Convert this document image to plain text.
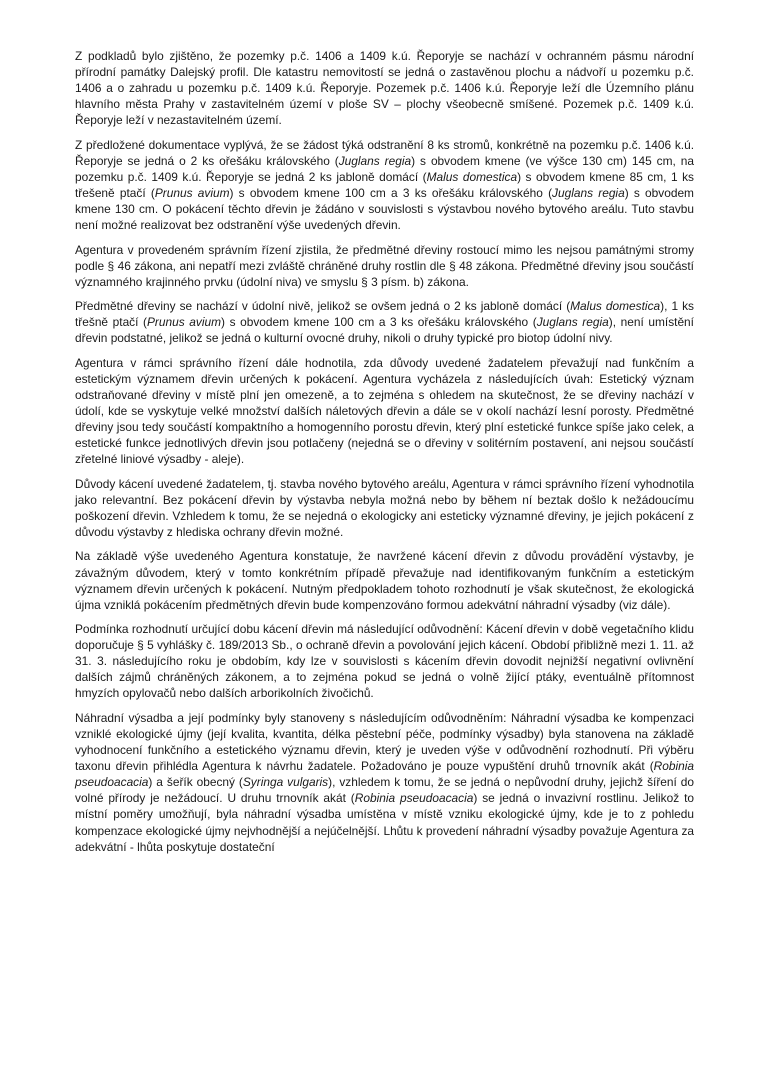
Z podkladů bylo zjištěno, že pozemky p.č. 1406 a 1409 k.ú. Řeporyje se nachází v ochranném pásmu národní přírodní památky Dalejský profil. Dle katastru nemovitostí se jedná o zastavěnou plochu a nádvoří u pozemku p.č. 1406 a o zahradu u pozemku p.č. 1409 k.ú. Řeporyje. Pozemek p.č. 1406 k.ú. Řeporyje leží dle Územního plánu hlavního města Prahy v zastavitelném území v ploše SV – plochy všeobecně smíšené. Pozemek p.č. 1409 k.ú. Řeporyje leží v nezastavitelném území.

Z předložené dokumentace vyplývá, že se žádost týká odstranění 8 ks stromů, konkrétně na pozemku p.č. 1406 k.ú. Řeporyje se jedná o 2 ks ořešáku královského (Juglans regia) s obvodem kmene (ve výšce 130 cm) 145 cm, na pozemku p.č. 1409 k.ú. Řeporyje se jedná 2 ks jabloně domácí (Malus domestica) s obvodem kmene 85 cm, 1 ks třešeně ptačí (Prunus avium) s obvodem kmene 100 cm a 3 ks ořešáku královského (Juglans regia) s obvodem kmene 130 cm. O pokácení těchto dřevin je žádáno v souvislosti s výstavbou nového bytového areálu. Tuto stavbu není možné realizovat bez odstranění výše uvedených dřevin.

Agentura v provedeném správním řízení zjistila, že předmětné dřeviny rostoucí mimo les nejsou památnými stromy podle § 46 zákona, ani nepatří mezi zvláště chráněné druhy rostlin dle § 48 zákona. Předmětné dřeviny jsou součástí významného krajinného prvku (údolní niva) ve smyslu § 3 písm. b) zákona.

Předmětné dřeviny se nachází v údolní nivě, jelikož se ovšem jedná o 2 ks jabloně domácí (Malus domestica), 1 ks třešně ptačí (Prunus avium) s obvodem kmene 100 cm a 3 ks ořešáku královského (Juglans regia), není umístění dřevin podstatné, jelikož se jedná o kulturní ovocné druhy, nikoli o druhy typické pro biotop údolní nivy.

Agentura v rámci správního řízení dále hodnotila, zda důvody uvedené žadatelem převažují nad funkčním a estetickým významem dřevin určených k pokácení. Agentura vycházela z následujících úvah: Estetický význam odstraňované dřeviny v místě plní jen omezeně, a to zejména s ohledem na skutečnost, že se dřeviny nachází v údolí, kde se vyskytuje velké množství dalších náletových dřevin a dále se v okolí nachází lesní porosty. Předmětné dřeviny jsou tedy součástí kompaktního a homogenního porostu dřevin, který plní estetické funkce spíše jako celek, a estetické funkce jednotlivých dřevin jsou potlačeny (nejedná se o dřeviny v solitérním postavení, ani nejsou součástí zřetelné liniové výsadby - aleje).

Důvody kácení uvedené žadatelem, tj. stavba nového bytového areálu, Agentura v rámci správního řízení vyhodnotila jako relevantní. Bez pokácení dřevin by výstavba nebyla možná nebo by během ní beztak došlo k nežádoucímu poškození dřevin. Vzhledem k tomu, že se nejedná o ekologicky ani esteticky významné dřeviny, je jejich pokácení z důvodu výstavby z hlediska ochrany dřevin možné.

Na základě výše uvedeného Agentura konstatuje, že navržené kácení dřevin z důvodu provádění výstavby, je závažným důvodem, který v tomto konkrétním případě převažuje nad identifikovaným funkčním a estetickým významem dřevin určených k pokácení. Nutným předpokladem tohoto rozhodnutí je však skutečnost, že ekologická újma vzniklá pokácením předmětných dřevin bude kompenzováno formou adekvátní náhradní výsadby (viz dále).

Podmínka rozhodnutí určující dobu kácení dřevin má následující odůvodnění: Kácení dřevin v době vegetačního klidu doporučuje § 5 vyhlášky č. 189/2013 Sb., o ochraně dřevin a povolování jejich kácení. Období přibližně mezi 1. 11. až 31. 3. následujícího roku je obdobím, kdy lze v souvislosti s kácením dřevin dovodit nejnižší negativní ovlivnění dalších zájmů chráněných zákonem, a to zejména pokud se jedná o volně žijící ptáky, eventuálně přítomnost hmyzích opylovačů nebo dalších arborikolních živočichů.

Náhradní výsadba a její podmínky byly stanoveny s následujícím odůvodněním: Náhradní výsadba ke kompenzaci vzniklé ekologické újmy (její kvalita, kvantita, délka pěstební péče, podmínky výsadby) byla stanovena na základě vyhodnocení funkčního a estetického významu dřevin, který je uveden výše v odůvodnění rozhodnutí. Při výběru taxonu dřevin přihlédla Agentura k návrhu žadatele. Požadováno je pouze vypuštění druhů trnovník akát (Robinia pseudoacacia) a šeřík obecný (Syringa vulgaris), vzhledem k tomu, že se jedná o nepůvodní druhy, jejichž šíření do volné přírody je nežádoucí. U druhu trnovník akát (Robinia pseudoacacia) se jedná o invazivní rostlinu. Jelikož to místní poměry umožňují, byla náhradní výsadba umístěna v místě vzniku ekologické újmy, kde je to z pohledu kompenzace ekologické újmy nejvhodnější a nejúčelnější. Lhůtu k provedení náhradní výsadby považuje Agentura za adekvátní - lhůta poskytuje dostateční
